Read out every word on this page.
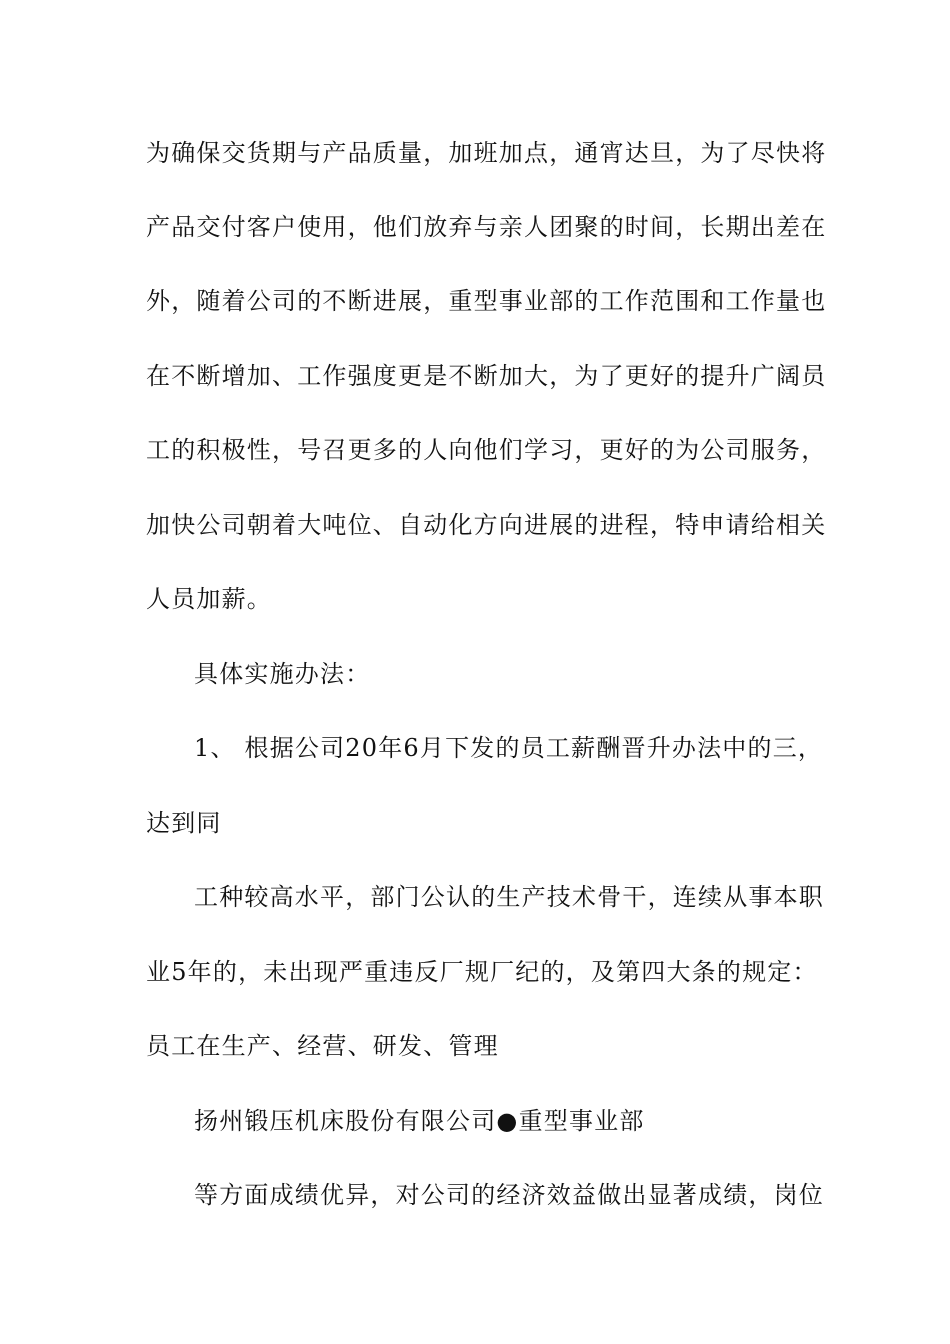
为确保交货期与产品质量，加班加点，通宵达旦，为了尽快将
产品交付客户使用，他们放弃与亲人团聚的时间，长期出差在
外，随着公司的不断进展，重型事业部的工作范围和工作量也
在不断增加、工作强度更是不断加大，为了更好的提升广阔员
工的积极性，号召更多的人向他们学习，更好的为公司服务，
加快公司朝着大吨位、自动化方向进展的进程，特申请给相关
人员加薪。
具体实施办法：
1、 根据公司20年6月下发的员工薪酬晋升办法中的三，
达到同
工种较高水平，部门公认的生产技术骨干，连续从事本职
业5年的，未出现严重违反厂规厂纪的，及第四大条的规定：
员工在生产、经营、研发、管理
扬州锻压机床股份有限公司●重型事业部
等方面成绩优异，对公司的经济效益做出显著成绩，岗位
